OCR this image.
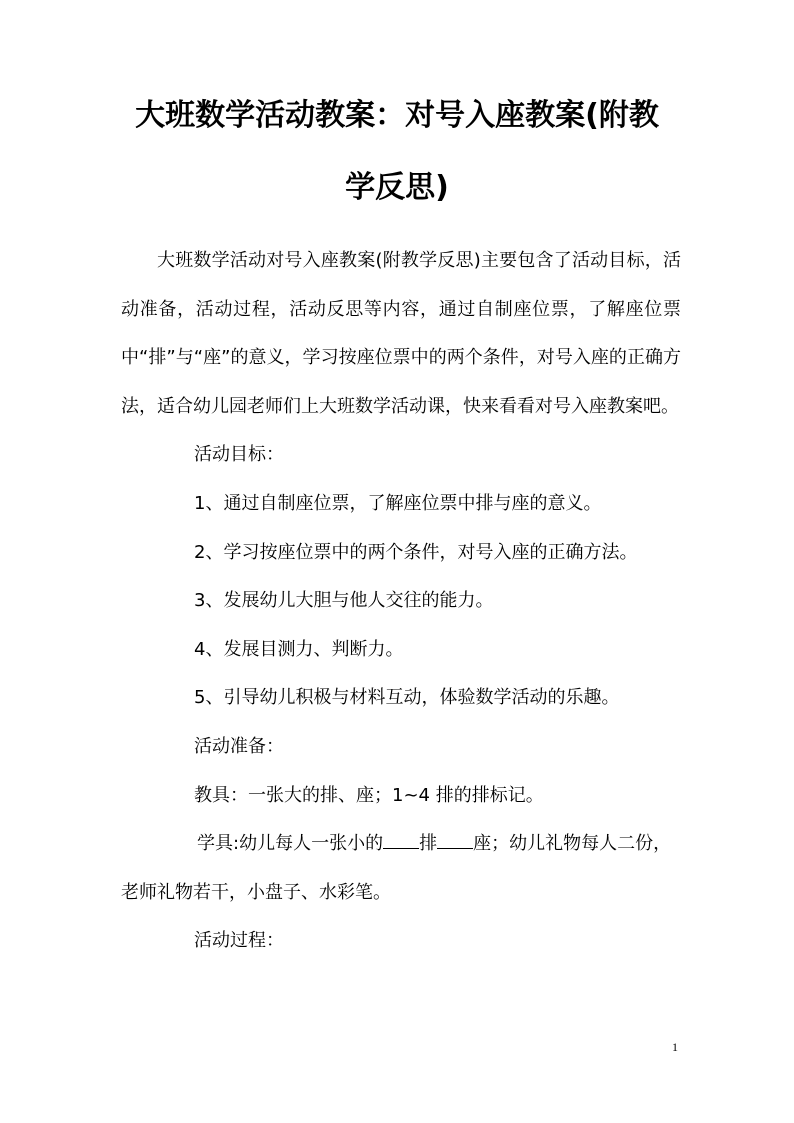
大班数学活动教案：对号入座教案(附教
学反思)

大班数学活动对号入座教案(附教学反思)主要包含了活动目标，活动准备，活动过程，活动反思等内容，通过自制座位票，了解座位票中“排”与“座”的意义，学习按座位票中的两个条件，对号入座的正确方法，适合幼儿园老师们上大班数学活动课，快来看看对号入座教案吧。

活动目标：

1、通过自制座位票，了解座位票中排与座的意义。

2、学习按座位票中的两个条件，对号入座的正确方法。

3、发展幼儿大胆与他人交往的能力。

4、发展目测力、判断力。

5、引导幼儿积极与材料互动，体验数学活动的乐趣。

活动准备：

教具：一张大的排、座；1~4 排的排标记。

学具:幼儿每人一张小的 排 座；幼儿礼物每人二份，老师礼物若干，小盘子、水彩笔。

活动过程：

1
